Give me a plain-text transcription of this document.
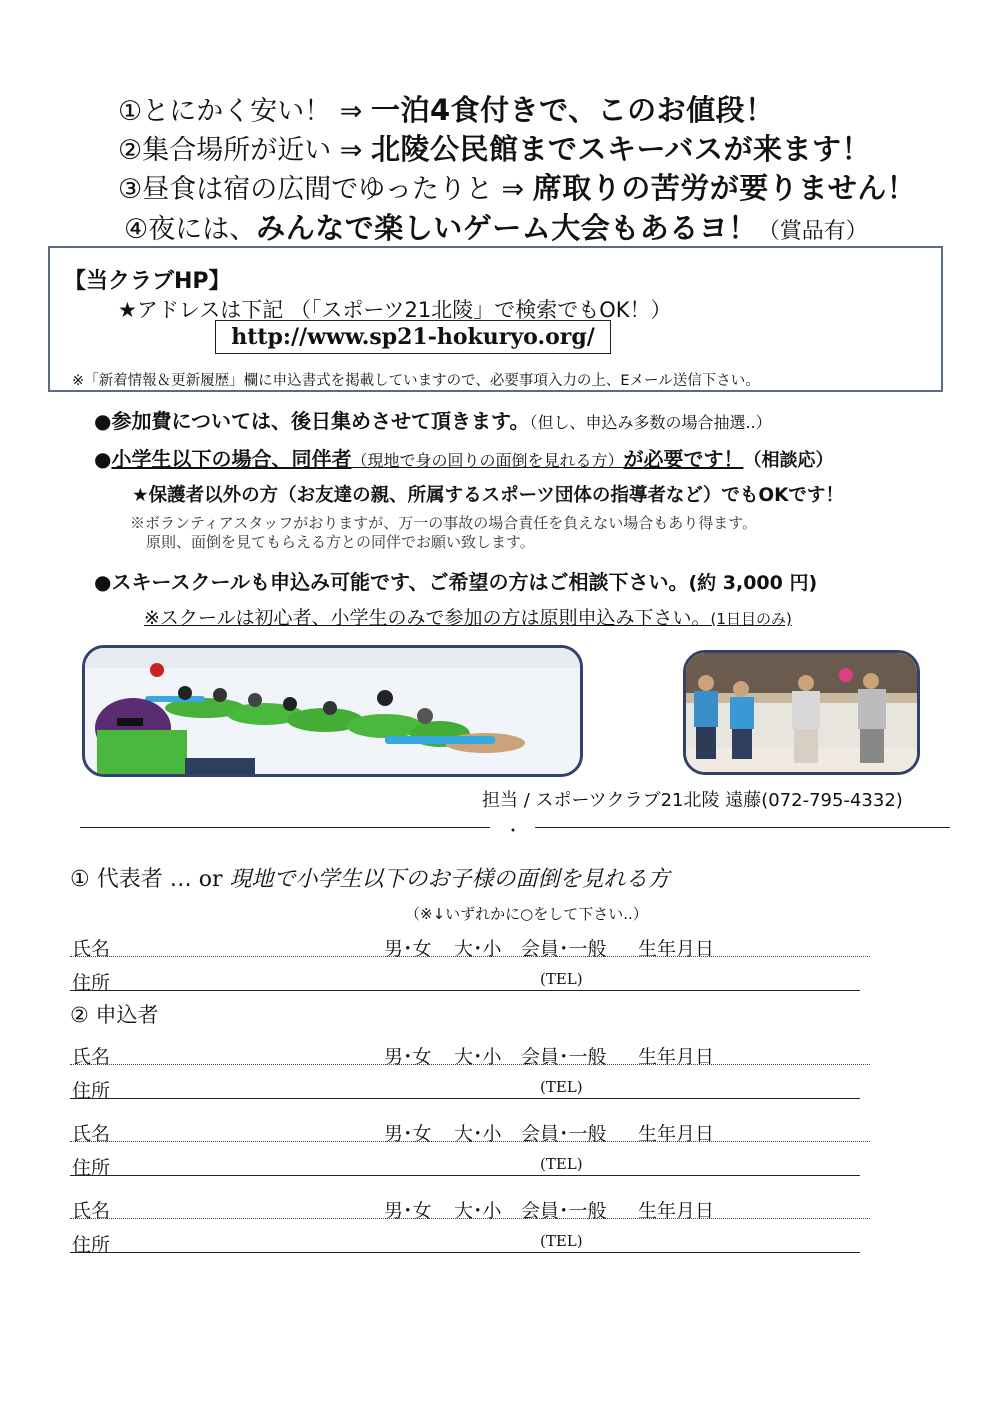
①とにかく安い！ ⇒ 一泊4食付きで、このお値段！
②集合場所が近い ⇒ 北陵公民館までスキーバスが来ます！
③昼食は宿の広間でゆったりと ⇒ 席取りの苦労が要りません！
④夜には、みんなで楽しいゲーム大会もあるヨ！（賞品有）
【当クラブHP】
★アドレスは下記 （「スポーツ21北陵」で検索でもOK！）
http://www.sp21-hokuryo.org/
※「新着情報＆更新履歴」欄に申込書式を掲載していますので、必要事項入力の上、Eメール送信下さい。
●参加費については、後日集めさせて頂きます。（但し、申込み多数の場合抽選..）
●小学生以下の場合、同伴者（現地で身の回りの面倒を見れる方）が必要です！（相談応）
★保護者以外の方（お友達の親、所属するスポーツ団体の指導者など）でもOKです！
※ボランティアスタッフがおりますが、万一の事故の場合責任を負えない場合もあり得ます。
原則、面倒を見てもらえる方との同伴でお願い致します。
●スキースクールも申込み可能です、ご希望の方はご相談下さい。(約 3,000 円)
※スクールは初心者、小学生のみで参加の方は原則申込み下さい。(1日目のみ)
担当 / スポーツクラブ21北陵 遠藤(072-795-4332)
・
① 代表者 … or 現地で小学生以下のお子様の面倒を見れる方
（※↓いずれかに○をして下さい..）
氏名	男･女 大･小 会員･一般 生年月日
住所	(TEL)
② 申込者
氏名	男･女 大･小 会員･一般 生年月日
住所	(TEL)
氏名	男･女 大･小 会員･一般 生年月日
住所	(TEL)
氏名	男･女 大･小 会員･一般 生年月日
住所	(TEL)
